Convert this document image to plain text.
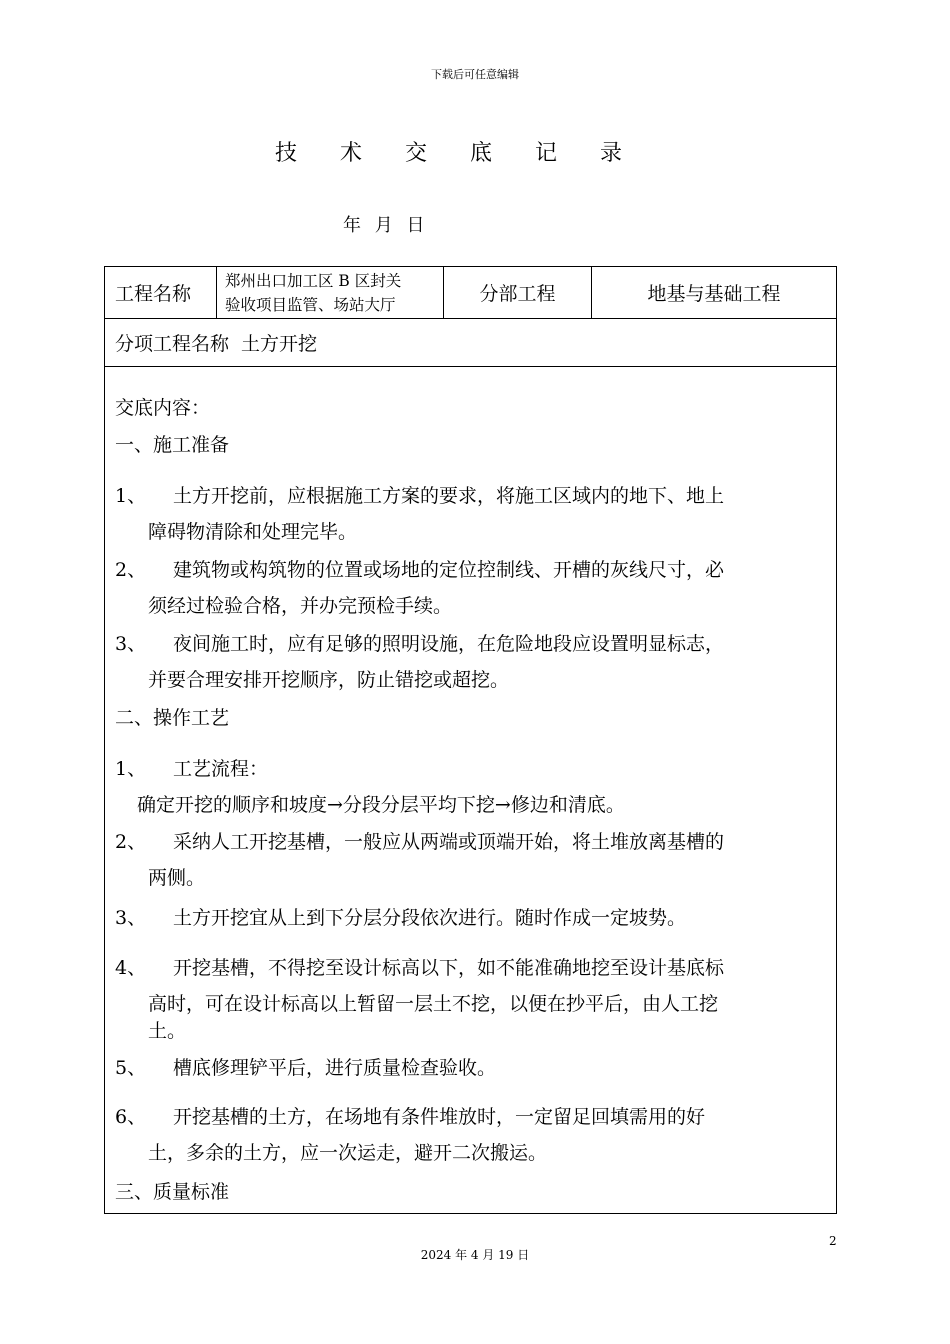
下载后可任意编辑
技 术 交 底 记 录
年 月 日
工程名称
郑州出口加工区 B 区封关
验收项目监管、场站大厅	分部工程	地基与基础工程
分项工程名称 土方开挖
交底内容：
一、施工准备
1、 土方开挖前，应根据施工方案的要求，将施工区域内的地下、地上
障碍物清除和处理完毕。
2、 建筑物或构筑物的位置或场地的定位控制线、开槽的灰线尺寸，必
须经过检验合格，并办完预检手续。
3、 夜间施工时，应有足够的照明设施，在危险地段应设置明显标志，
并要合理安排开挖顺序，防止错挖或超挖。
二、操作工艺
1、 工艺流程：
确定开挖的顺序和坡度→分段分层平均下挖→修边和清底。
2、 采纳人工开挖基槽，一般应从两端或顶端开始，将土堆放离基槽的
两侧。
3、 土方开挖宜从上到下分层分段依次进行。随时作成一定坡势。
4、 开挖基槽，不得挖至设计标高以下，如不能准确地挖至设计基底标
高时，可在设计标高以上暂留一层土不挖，以便在抄平后，由人工挖
土。
5、 槽底修理铲平后，进行质量检查验收。
6、 开挖基槽的土方，在场地有条件堆放时，一定留足回填需用的好
土，多余的土方，应一次运走，避开二次搬运。
三、质量标准
2
2024 年 4 月 19 日
